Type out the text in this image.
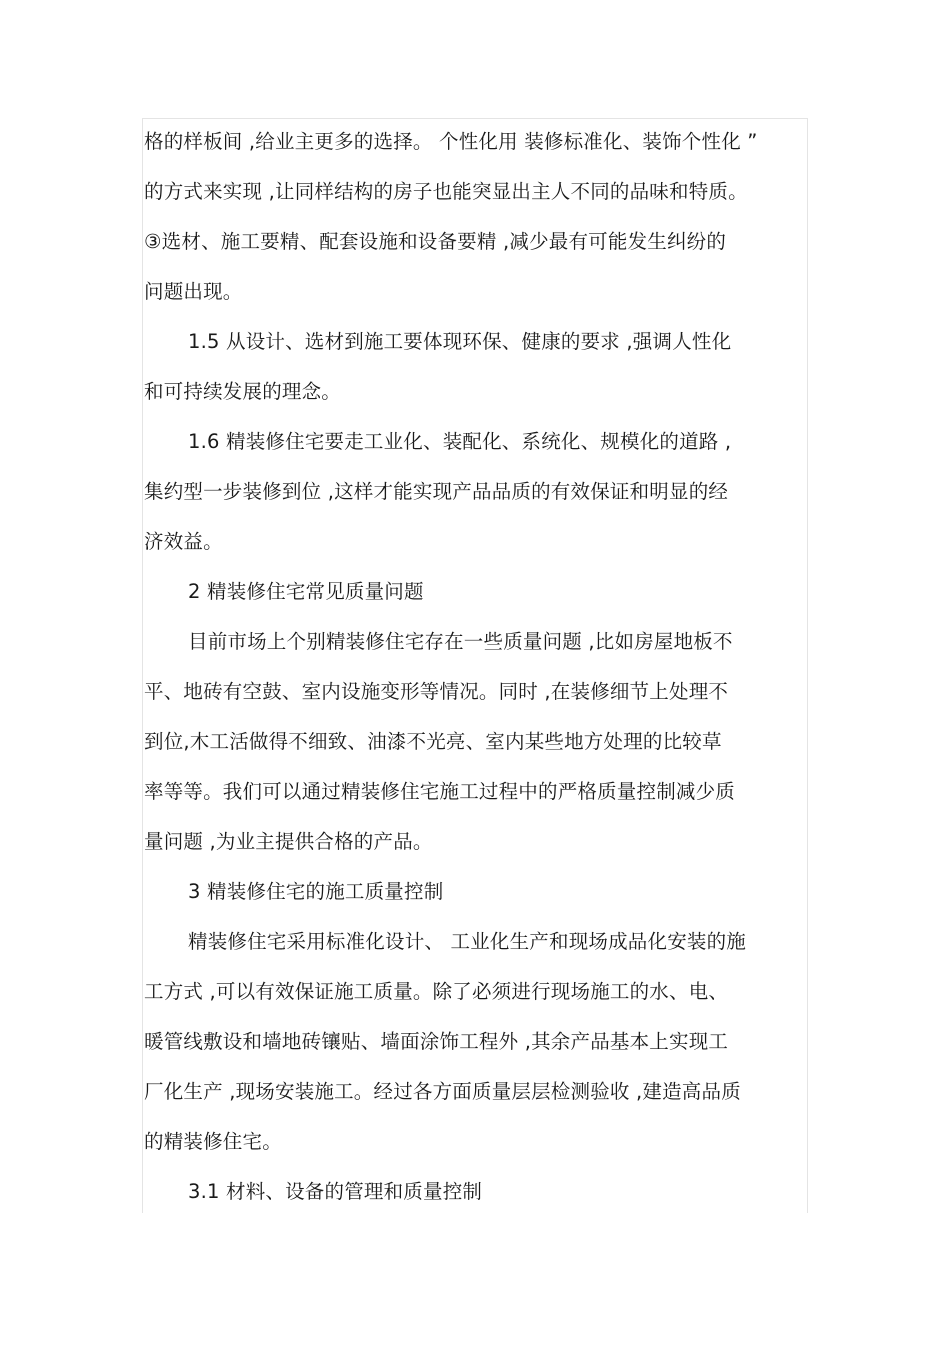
格的样板间 ,给业主更多的选择。 个性化用 装修标准化、装饰个性化 ”
的方式来实现 ,让同样结构的房子也能突显出主人不同的品味和特质。
③选材、施工要精、配套设施和设备要精 ,减少最有可能发生纠纷的
问题出现。
1.5 从设计、选材到施工要体现环保、健康的要求 ,强调人性化
和可持续发展的理念。
1.6 精装修住宅要走工业化、装配化、系统化、规模化的道路 ,
集约型一步装修到位 ,这样才能实现产品品质的有效保证和明显的经
济效益。
2 精装修住宅常见质量问题
目前市场上个别精装修住宅存在一些质量问题 ,比如房屋地板不
平、地砖有空鼓、室内设施变形等情况。同时 ,在装修细节上处理不
到位,木工活做得不细致、油漆不光亮、室内某些地方处理的比较草
率等等。我们可以通过精装修住宅施工过程中的严格质量控制减少质
量问题 ,为业主提供合格的产品。
3 精装修住宅的施工质量控制
精装修住宅采用标准化设计、 工业化生产和现场成品化安装的施
工方式 ,可以有效保证施工质量。除了必须进行现场施工的水、电、
暖管线敷设和墙地砖镶贴、墙面涂饰工程外 ,其余产品基本上实现工
厂化生产 ,现场安装施工。经过各方面质量层层检测验收 ,建造高品质
的精装修住宅。
3.1 材料、设备的管理和质量控制
